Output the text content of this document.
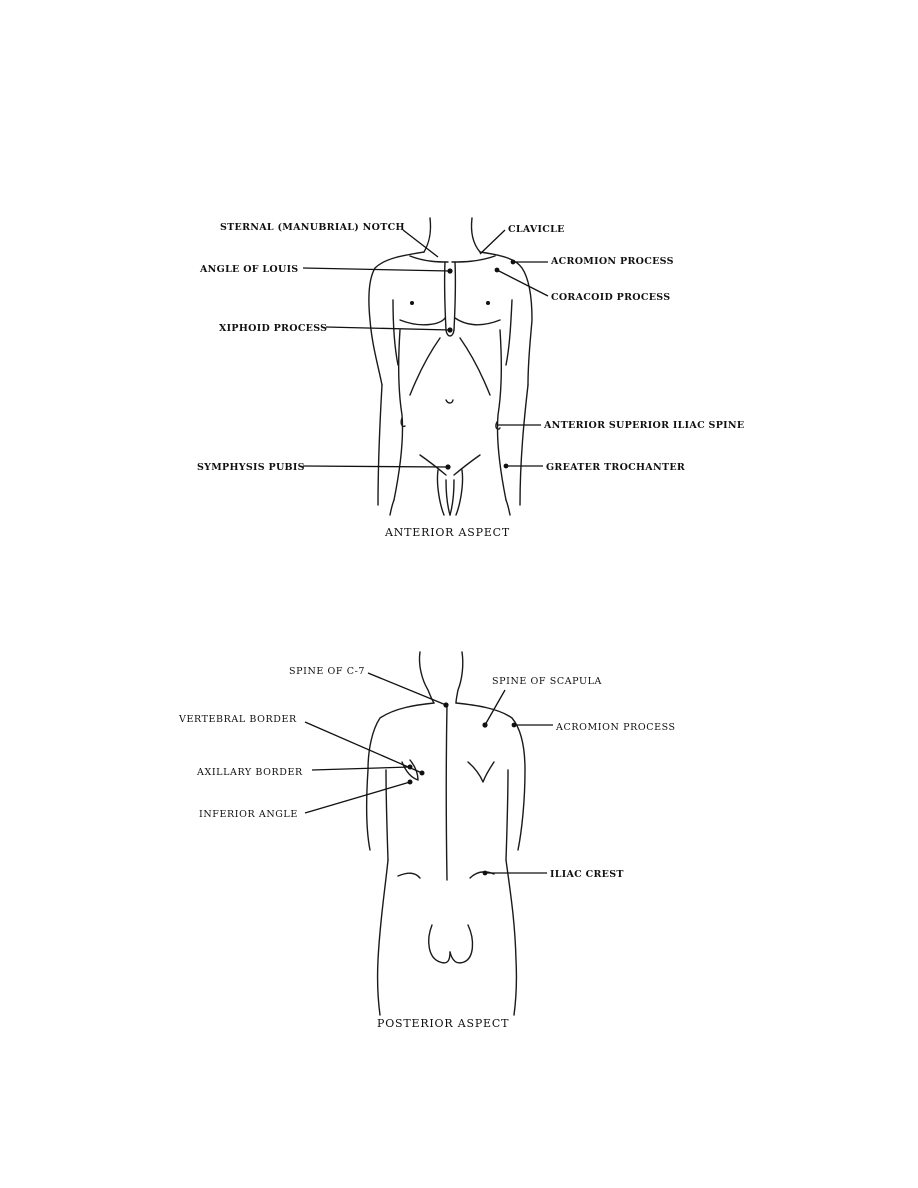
STERNAL (MANUBRIAL) NOTCH	CLAVICLE
ACROMION PROCESS
ANGLE OF LOUIS
CORACOID PROCESS
XIPHOID PROCESS
ANTERIOR SUPERIOR ILIAC SPINE
SYMPHYSIS PUBIS	GREATER TROCHANTER
ANTERIOR ASPECT
SPINE OF C-7
SPINE OF SCAPULA
VERTEBRAL BORDER
ACROMION PROCESS
AXILLARY BORDER
INFERIOR ANGLE
ILIAC CREST
POSTERIOR ASPECT
